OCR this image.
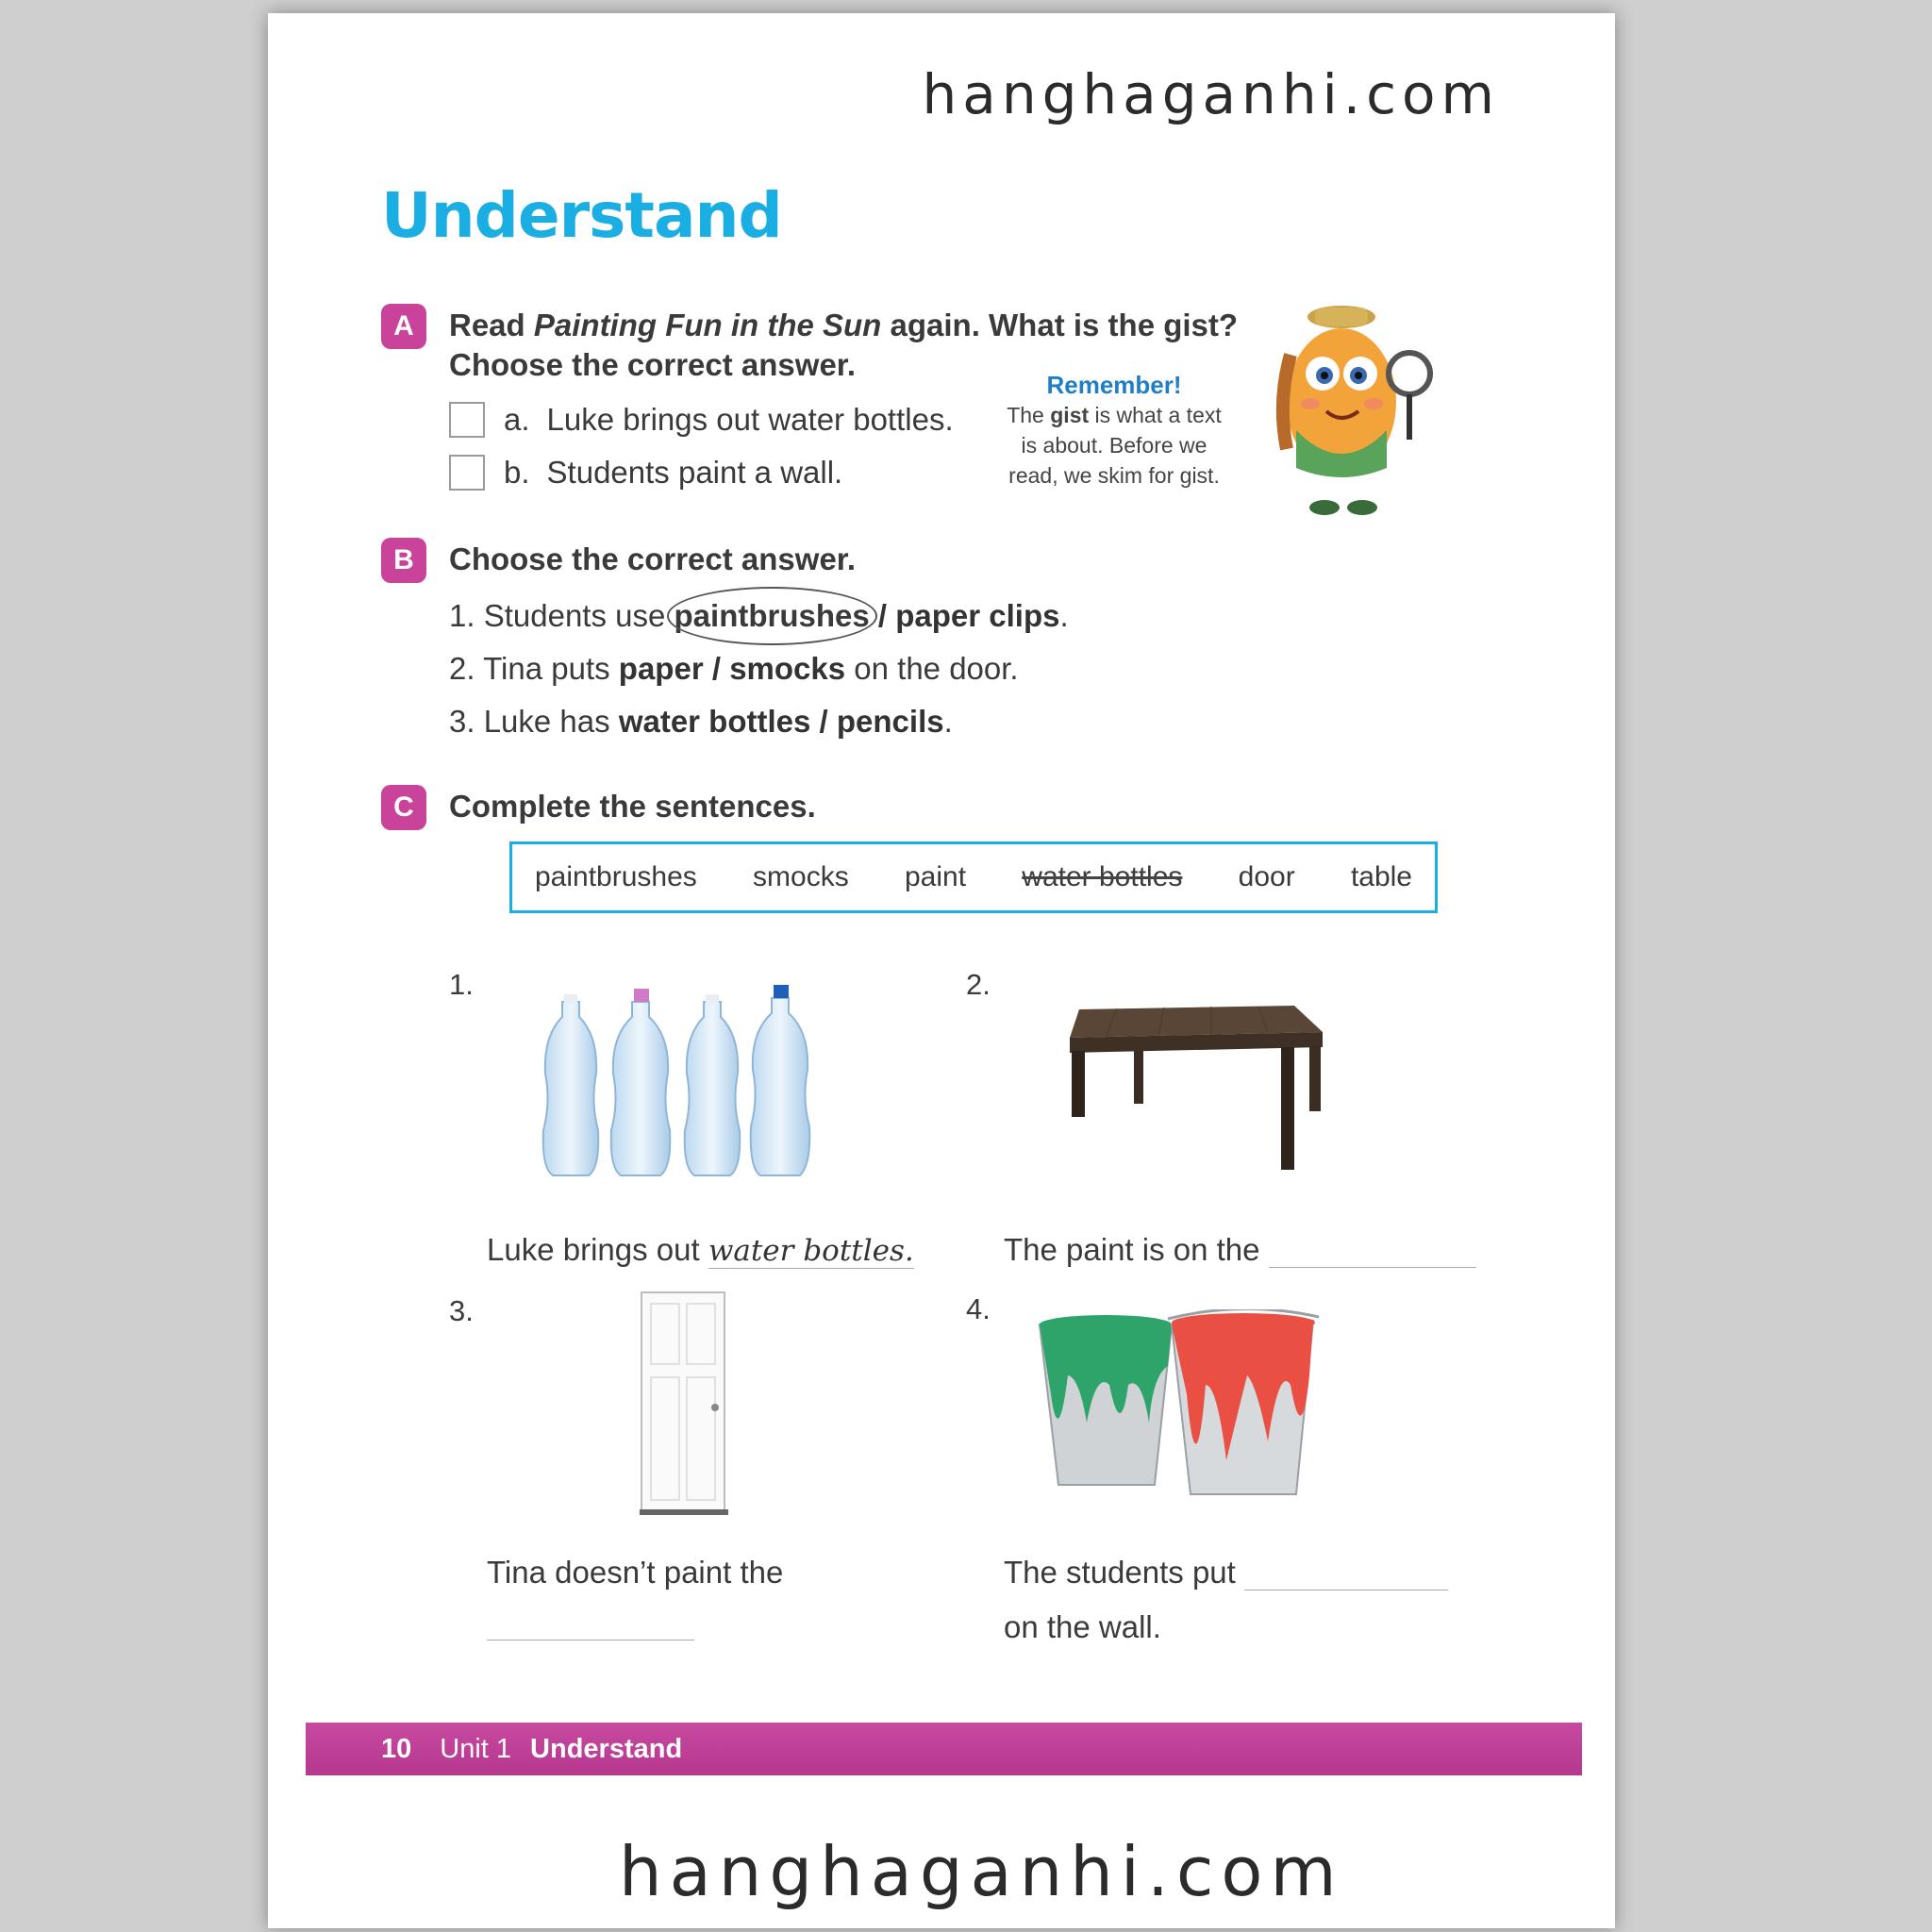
hanghaganhi.com
Understand
A	Read Painting Fun in the Sun again. What is the gist?
Choose the correct answer.
a. Luke brings out water bottles.
b. Students paint a wall.
Remember!
The gist is what a text is about. Before we read, we skim for gist.
B	Choose the correct answer.
1. Students use paintbrushes / paper clips.
2. Tina puts paper / smocks on the door.
3. Luke has water bottles / pencils.
C	Complete the sentences.
paintbrushes smocks paint water bottles door table
1.
Luke brings out water bottles.
2.
The paint is on the
3.
Tina doesn’t paint the
4.
The students put
on the wall.
10 Unit 1 Understand
hanghaganhi.com
